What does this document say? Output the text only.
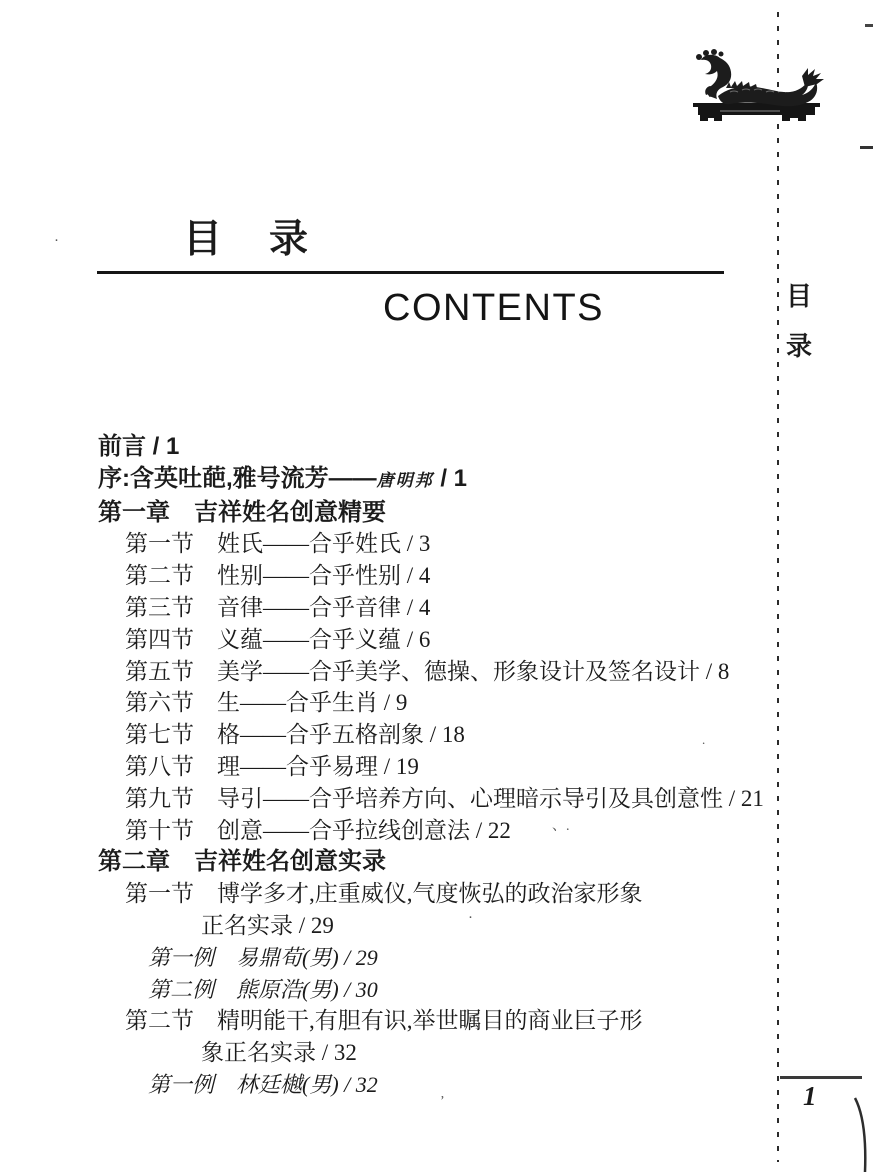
目　录
CONTENTS
前言 / 1
序:含英吐葩,雅号流芳——唐明邦 / 1
第一章　吉祥姓名创意精要
第一节　姓氏——合乎姓氏 / 3
第二节　性别——合乎性别 / 4
第三节　音律——合乎音律 / 4
第四节　义蕴——合乎义蕴 / 6
第五节　美学——合乎美学、德操、形象设计及签名设计 / 8
第六节　生——合乎生肖 / 9
第七节　格——合乎五格剖象 / 18
第八节　理——合乎易理 / 19
第九节　导引——合乎培养方向、心理暗示导引及具创意性 / 21
第十节　创意——合乎拉线创意法 / 22
第二章　吉祥姓名创意实录
第一节　博学多才,庄重威仪,气度恢弘的政治家形象
正名实录 / 29
第一例　易鼎荀(男) / 29
第二例　熊原浩(男) / 30
第二节　精明能干,有胆有识,举世瞩目的商业巨子形
象正名实录 / 32
第一例　林廷樾(男) / 32
目
录
1
·
.
、.
·
’
